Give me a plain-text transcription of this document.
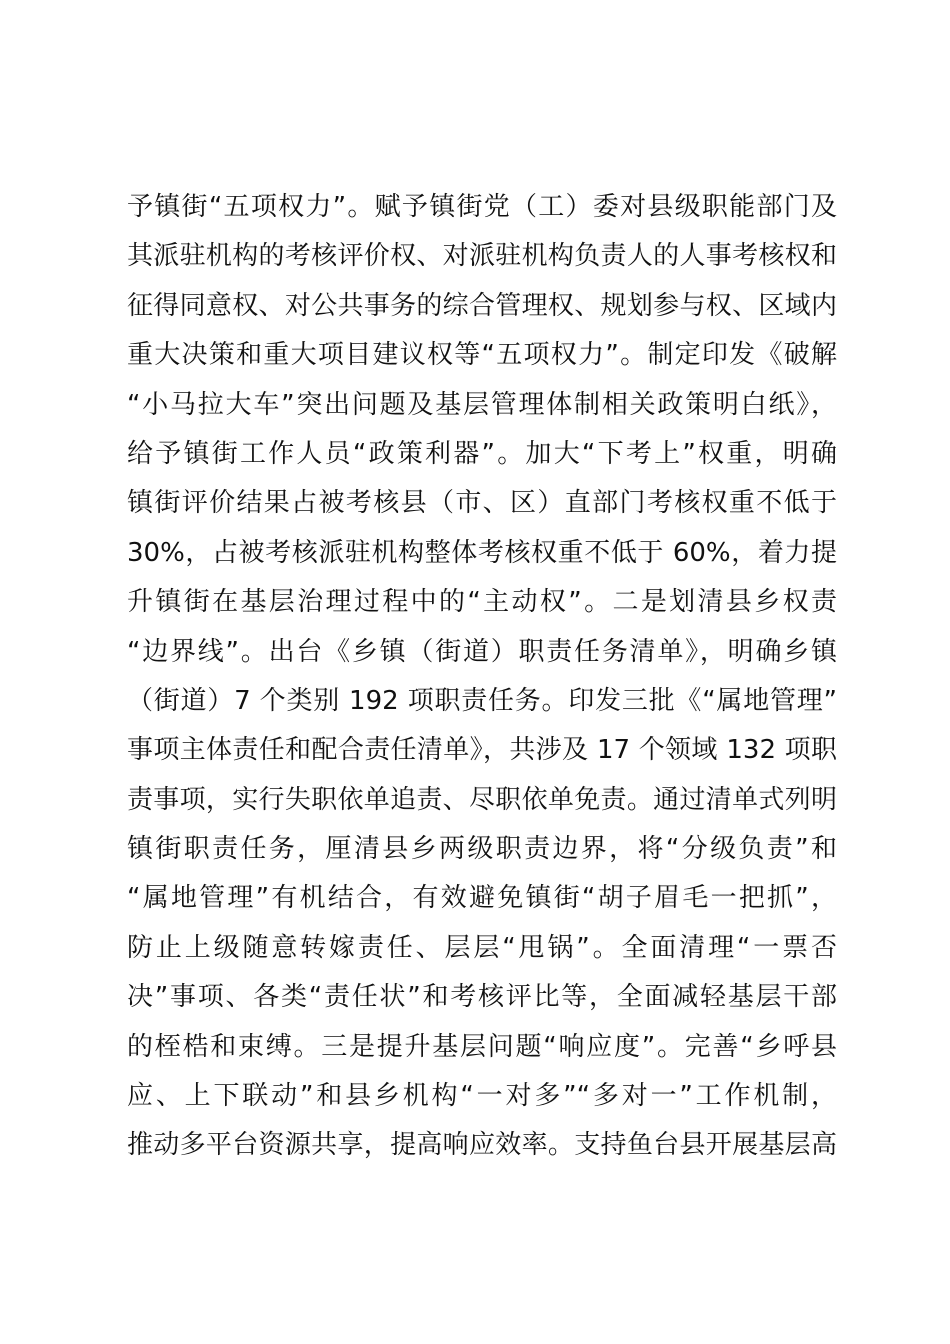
予镇街“五项权力”。赋予镇街党（工）委对县级职能部门及
其派驻机构的考核评价权、对派驻机构负责人的人事考核权和
征得同意权、对公共事务的综合管理权、规划参与权、区域内
重大决策和重大项目建议权等“五项权力”。制定印发《破解
“小马拉大车”突出问题及基层管理体制相关政策明白纸》，
给予镇街工作人员“政策利器”。加大“下考上”权重，明确
镇街评价结果占被考核县（市、区）直部门考核权重不低于
30%，占被考核派驻机构整体考核权重不低于 60%，着力提
升镇街在基层治理过程中的“主动权”。二是划清县乡权责
“边界线”。出台《乡镇（街道）职责任务清单》，明确乡镇
（街道）7 个类别 192 项职责任务。印发三批《“属地管理”
事项主体责任和配合责任清单》，共涉及 17 个领域 132 项职
责事项，实行失职依单追责、尽职依单免责。通过清单式列明
镇街职责任务，厘清县乡两级职责边界，将“分级负责”和
“属地管理”有机结合，有效避免镇街“胡子眉毛一把抓”，
防止上级随意转嫁责任、层层“甩锅”。全面清理“一票否
决”事项、各类“责任状”和考核评比等，全面减轻基层干部
的桎梏和束缚。三是提升基层问题“响应度”。完善“乡呼县
应、上下联动”和县乡机构“一对多”“多对一”工作机制，
推动多平台资源共享，提高响应效率。支持鱼台县开展基层高
